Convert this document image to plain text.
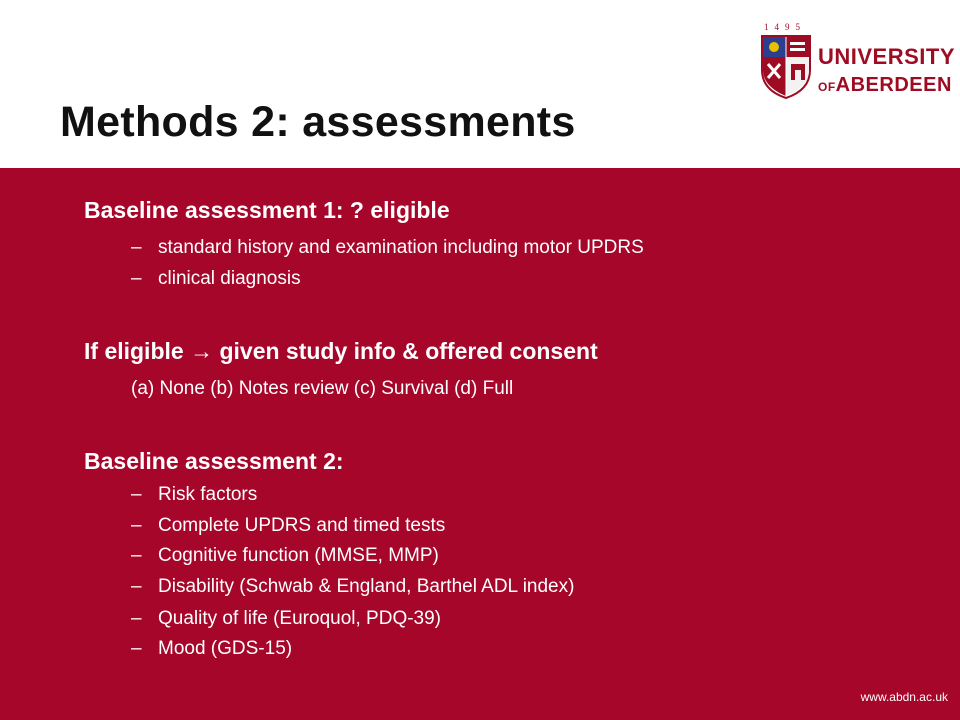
1495
UNIVERSITY
OFABERDEEN
Methods 2: assessments
Baseline assessment 1: ? eligible
– standard history and examination including motor UPDRS
– clinical diagnosis
If eligible → given study info & offered consent
(a) None (b) Notes review (c) Survival (d) Full
Baseline assessment 2:
– Risk factors
– Complete UPDRS and timed tests
– Cognitive function (MMSE, MMP)
– Disability (Schwab & England, Barthel ADL index)
– Quality of life (Euroquol, PDQ-39)
– Mood (GDS-15)
www.abdn.ac.uk
